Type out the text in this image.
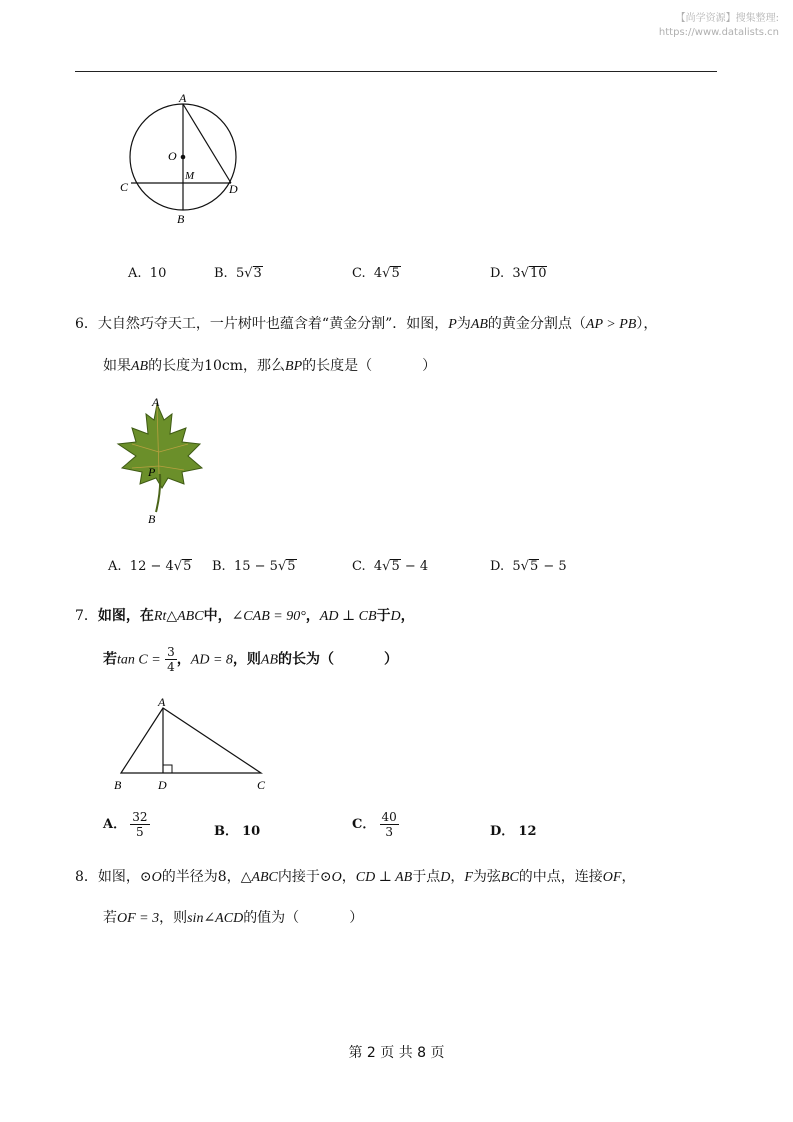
【尚学资源】搜集整理:
https://www.datalists.cn
A
O
M
C	D
B
A. 10	B. 5√3	C. 4√5	D. 3√10
6．大自然巧夺天工，一片树叶也蕴含着“黄金分割”．如图，P为AB的黄金分割点（AP > PB），
如果AB的长度为10cm，那么BP的长度是（	）
A
P
B
A. 12 − 4√5 B. 15 − 5√5	C. 4√5 − 4	D. 5√5 − 5
7．如图，在Rt△ABC中，∠CAB = 90°，AD ⊥ CB于D，
若$\tan C = \frac{3}{4}$ ，AD = 8，则AB的长为（	）
A
B	D	C
A． $\frac{32}{5}$	B． 10	C． $\frac{40}{3}$	D． 12
8．如图，⊙O的半径为8，△ABC内接于⊙O，CD ⊥ AB于点D，F为弦BC的中点，连接OF，
若OF = 3，则sin∠ACD的值为（	）
第 2 页 共 8 页
